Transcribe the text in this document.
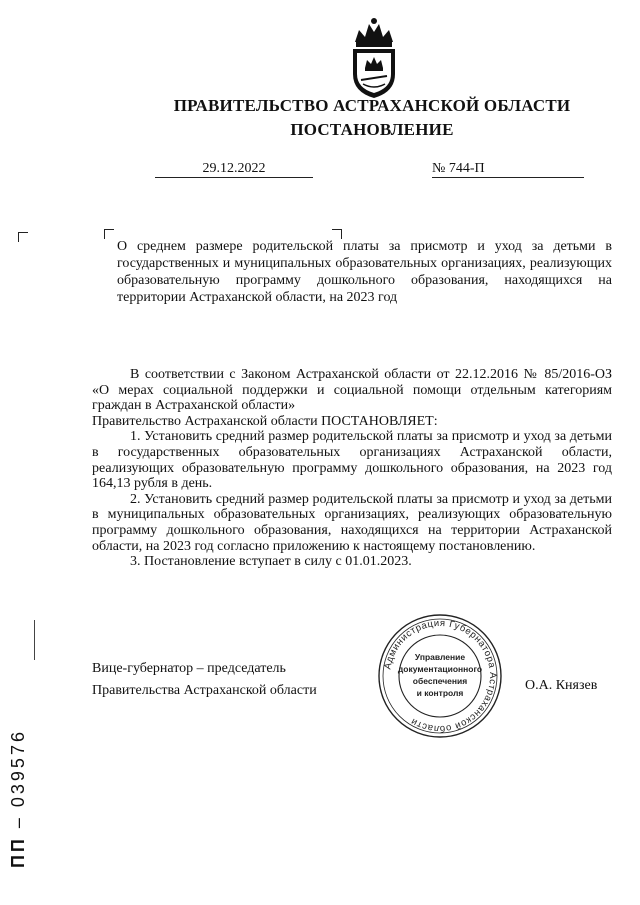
ПРАВИТЕЛЬСТВО АСТРАХАНСКОЙ ОБЛАСТИ
ПОСТАНОВЛЕНИЕ
29.12.2022	№ 744-П
О среднем размере родительской платы за присмотр и уход за детьми в государственных и муниципальных образовательных организациях, реализующих образовательную программу дошкольного образования, находящихся на территории Астраханской области, на 2023 год

В соответствии с Законом Астраханской области от 22.12.2016 № 85/2016-ОЗ «О мерах социальной поддержки и социальной помощи отдельным категориям граждан в Астраханской области»

Правительство Астраханской области ПОСТАНОВЛЯЕТ:

1. Установить средний размер родительской платы за присмотр и уход за детьми в государственных образовательных организациях Астраханской области, реализующих образовательную программу дошкольного образования, на 2023 год 164,13 рубля в день.

2. Установить средний размер родительской платы за присмотр и уход за детьми в муниципальных образовательных организациях, реализующих образовательную программу дошкольного образования, находящихся на территории Астраханской области, на 2023 год согласно приложению к настоящему постановлению.

3. Постановление вступает в силу с 01.01.2023.

Вице-губернатор – председатель
Правительства Астраханской области	О.А. Князев
Администрация Губернатора Астраханской области
Управление
документационного
обеспечения
и контроля
ПП – 039576
